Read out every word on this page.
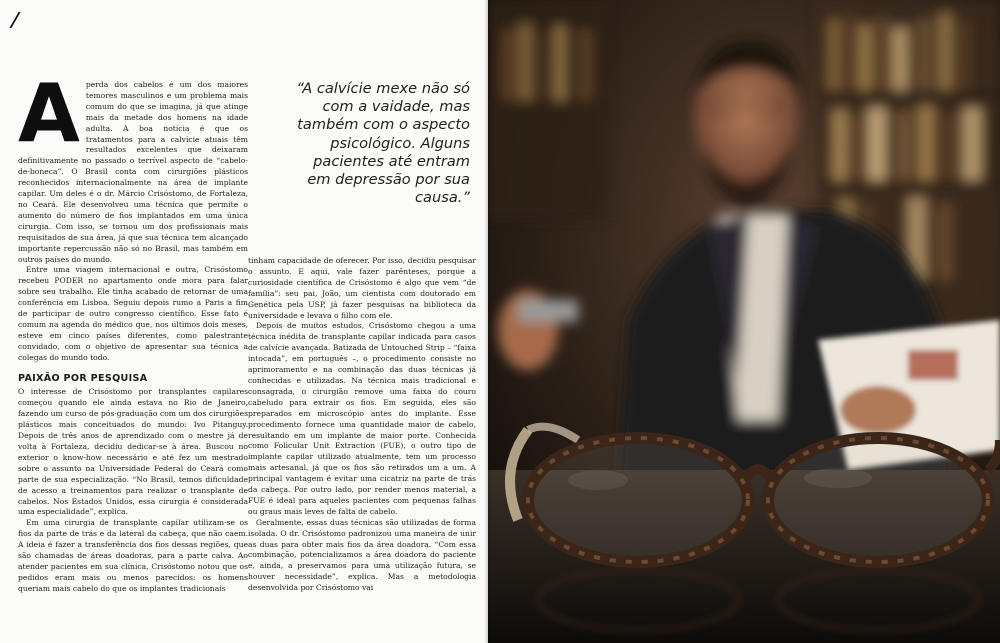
A perda dos cabelos é um dos maiores temores masculinos e um problema mais comum do que se imagina, já que atinge mais da metade dos homens na idade adulta. A boa notícia é que os tratamentos para a calvície atuais têm resultados excelentes que deixaram definitivamente no passado o terrível aspecto de “cabelo-de-boneca”. O Brasil conta com cirurgiões plásticos reconhecidos internacionalmente na área de implante capilar. Um deles é o dr. Márcio Crisóstomo, de Fortaleza, no Ceará. Ele desenvolveu uma técnica que permite o aumento do número de fios implantados em uma única cirurgia. Com isso, se tornou um dos profissionais mais requisitados de sua área, já que sua técnica tem alcançado importante repercussão não só no Brasil, mas também em outros países do mundo.

Entre uma viagem internacional e outra, Crisóstomo recebeu PODER no apartamento onde mora para falar sobre seu trabalho. Ele tinha acabado de retornar de uma conferência em Lisboa. Seguiu depois rumo a Paris a fim de participar de outro congresso científico. Esse fato é comum na agenda do médico que, nos últimos dois meses, esteve em cinco países diferentes, como palestrante convidado, com o objetivo de apresentar sua técnica a colegas do mundo todo.

PAIXÃO POR PESQUISA

O interesse de Crisóstomo por transplantes capilares começou quando ele ainda estava no Rio de Janeiro, fazendo um curso de pós-graduação com um dos cirurgiões plásticos mais conceituados do mundo: Ivo Pitanguy. Depois de três anos de aprendizado com o mestre já de volta à Fortaleza, decidiu dedicar-se à área. Buscou no exterior o know-how necessário e até fez um mestrado sobre o assunto na Universidade Federal do Ceará como parte de sua especialização. “No Brasil, temos dificuldade de acesso a treinamentos para realizar o transplante de cabelos. Nos Estados Unidos, essa cirurgia é considerada uma especialidade”, explica.

Em uma cirurgia de transplante capilar utilizam-se os fios da parte de trás e da lateral da cabeça, que não caem. A ideia é fazer a transferência dos fios dessas regiões, que são chamadas de áreas doadoras, para a parte calva. Ao atender pacientes em sua clínica, Crisóstomo notou que os pedidos eram mais ou menos parecidos: os homens queriam mais cabelo do que os implantes tradicionais

“A calvície mexe não só com a vaidade, mas também com o aspecto psicológico. Alguns pacientes até entram em depressão por sua causa.”

tinham capacidade de oferecer. Por isso, decidiu pesquisar o assunto. E aqui, vale fazer parênteses, porque a curiosidade científica de Crisóstomo é algo que vem “de família”: seu pai, João, um cientista com doutorado em Genética pela USP, já fazer pesquisas na biblioteca da universidade e levava o filho com ele.

Depois de muitos estudos, Crisóstomo chegou a uma técnica inédita de transplante capilar indicada para casos de calvície avançada. Batizada de Untouched Strip – “faixa intocada”, em português –, o procedimento consiste no aprimoramento e na combinação das duas técnicas já conhecidas e utilizadas. Na técnica mais tradicional e consagrada, o cirurgião remove uma faixa do couro cabeludo para extrair os fios. Em seguida, eles são preparados em microscópio antes do implante. Esse procedimento fornece uma quantidade maior de cabelo, resultando em um implante de maior porte. Conhecida como Folicular Unit Extraction (FUE), o outro tipo de implante capilar utilizado atualmente, tem um processo mais artesanal, já que os fios são retirados um a um. A principal vantagem é evitar uma cicatriz na parte de trás da cabeça. Por outro lado, por render menos material, a FUE é ideal para aqueles pacientes com pequenas falhas ou graus mais leves de falta de cabelo.

Geralmente, essas duas técnicas são utilizadas de forma isolada. O dr. Crisóstomo padronizou uma maneira de unir as duas para obter mais fios da área doadora. “Com essa combinação, potencializamos a área doadora do paciente e, ainda, a preservamos para uma utilização futura, se houver necessidade”, explica. Mas a metodologia desenvolvida por Crisóstomo vai
